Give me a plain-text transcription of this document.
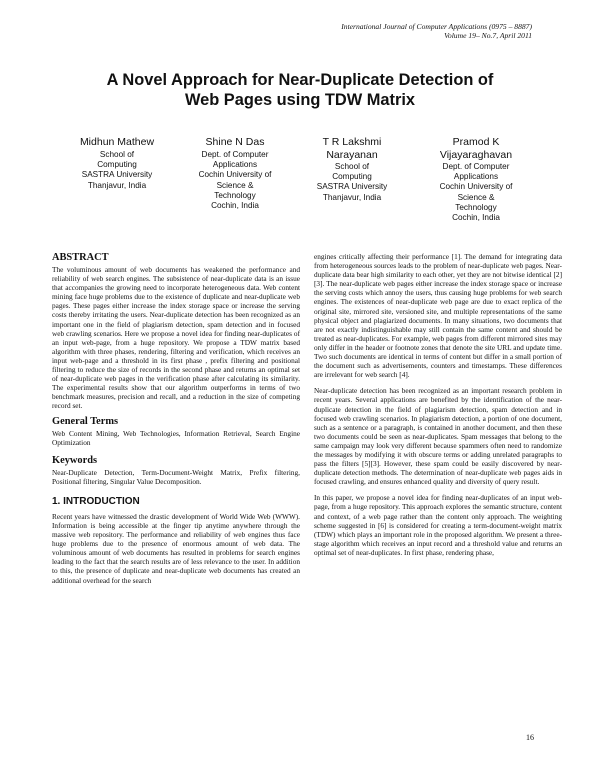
International Journal of Computer Applications (0975 – 8887)
Volume 19– No.7, April 2011
A Novel Approach for Near-Duplicate Detection of
Web Pages using TDW Matrix
Midhun Mathew
School of
Computing
SASTRA University
Thanjavur, India
Shine N Das
Dept. of Computer
Applications
Cochin University of
Science &
Technology
Cochin, India
T R Lakshmi Narayanan
School of
Computing
SASTRA University
Thanjavur, India
Pramod K Vijayaraghavan
Dept. of Computer
Applications
Cochin University of
Science &
Technology
Cochin, India
ABSTRACT

The voluminous amount of web documents has weakened the performance and reliability of web search engines. The subsistence of near-duplicate data is an issue that accompanies the growing need to incorporate heterogeneous data. Web content mining face huge problems due to the existence of duplicate and near-duplicate web pages. These pages either increase the index storage space or increase the serving costs thereby irritating the users. Near-duplicate detection has been recognized as an important one in the field of plagiarism detection, spam detection and in focused web crawling scenarios. Here we propose a novel idea for finding near-duplicates of an input web-page, from a huge repository. We propose a TDW matrix based algorithm with three phases, rendering, filtering and verification, which receives an input web-page and a threshold in its first phase , prefix filtering and positional filtering to reduce the size of records in the second phase and returns an optimal set of near-duplicate web pages in the verification phase after calculating its similarity. The experimental results show that our algorithm outperforms in terms of two benchmark measures, precision and recall, and a reduction in the size of competing record set.

General Terms

Web Content Mining, Web Technologies, Information Retrieval, Search Engine Optimization

Keywords

Near-Duplicate Detection, Term-Document-Weight Matrix, Prefix filtering, Positional filtering, Singular Value Decomposition.

1. INTRODUCTION

Recent years have witnessed the drastic development of World Wide Web (WWW). Information is being accessible at the finger tip anytime anywhere through the massive web repository. The performance and reliability of web engines thus face huge problems due to the presence of enormous amount of web data. The voluminous amount of web documents has resulted in problems for search engines leading to the fact that the search results are of less relevance to the user. In addition to this, the presence of duplicate and near-duplicate web documents has created an additional overhead for the search

engines critically affecting their performance [1]. The demand for integrating data from heterogeneous sources leads to the problem of near-duplicate web pages. Near-duplicate data bear high similarity to each other, yet they are not bitwise identical [2][3]. The near-duplicate web pages either increase the index storage space or increase the serving costs which annoy the users, thus causing huge problems for web search engines. The existences of near-duplicate web page are due to exact replica of the original site, mirrored site, versioned site, and multiple representations of the same physical object and plagiarized documents. In many situations, two documents that are not exactly indistinguishable may still contain the same content and should be treated as near-duplicates. For example, web pages from different mirrored sites may only differ in the header or footnote zones that denote the site URL and update time. Two such documents are identical in terms of content but differ in a small portion of the document such as advertisements, counters and timestamps. These differences are irrelevant for web search [4].

Near-duplicate detection has been recognized as an important research problem in recent years. Several applications are benefited by the identification of the near-duplicate detection in the field of plagiarism detection, spam detection and in focused web crawling scenarios. In plagiarism detection, a portion of one document, such as a sentence or a paragraph, is contained in another document, and then these two documents could be seen as near-duplicates. Spam messages that belong to the same campaign may look very different because spammers often need to randomize the messages by modifying it with obscure terms or adding unrelated paragraphs to pass the filters [5][3]. However, these spam could be easily discovered by near-duplicate detection methods. The determination of near-duplicate web pages aids in focused crawling, and ensures enhanced quality and diversity of query result.

In this paper, we propose a novel idea for finding near-duplicates of an input web-page, from a huge repository. This approach explores the semantic structure, content and context, of a web page rather than the content only approach. The weighting scheme suggested in [6] is considered for creating a term-document-weight matrix (TDW) which plays an important role in the proposed algorithm. We present a three-stage algorithm which receives an input record and a threshold value and returns an optimal set of near-duplicates. In first phase, rendering phase,

16
